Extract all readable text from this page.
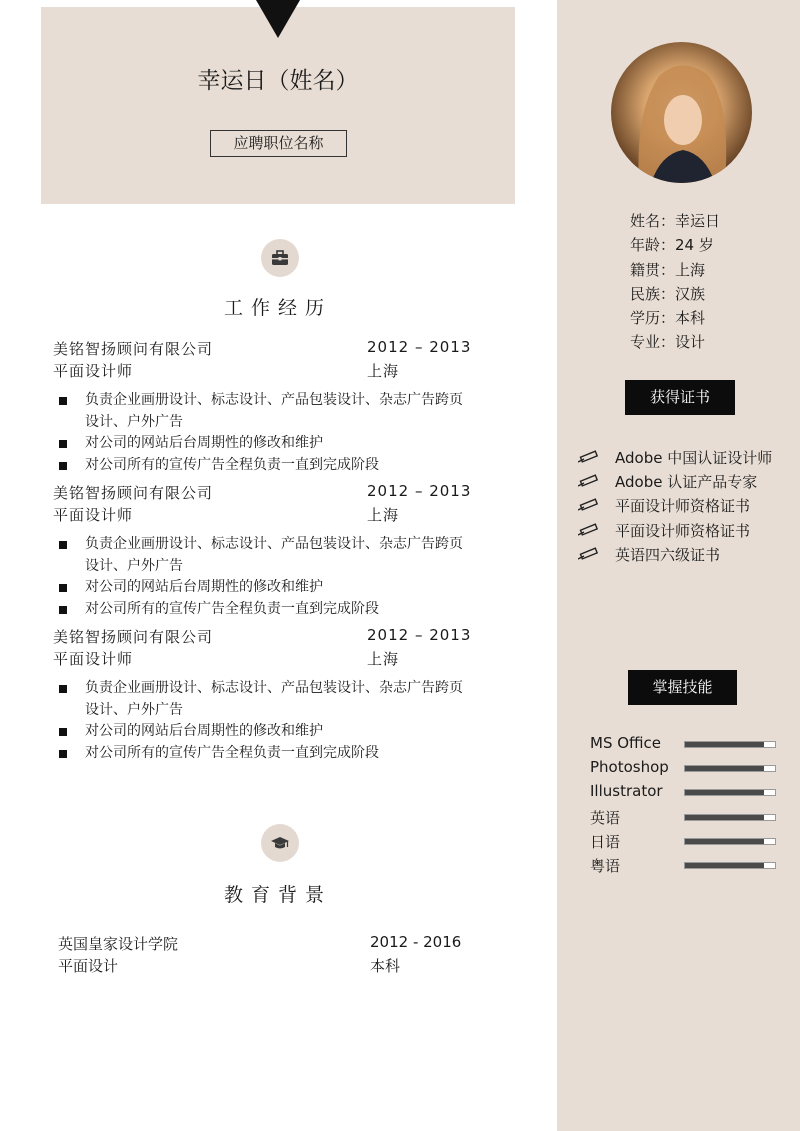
幸运日（姓名）
应聘职位名称
工作经历
美铭智扬顾问有限公司	2012 – 2013
平面设计师	上海
负责企业画册设计、标志设计、产品包装设计、杂志广告跨页设计、户外广告
对公司的网站后台周期性的修改和维护
对公司所有的宣传广告全程负责一直到完成阶段
美铭智扬顾问有限公司	2012 – 2013
平面设计师	上海
负责企业画册设计、标志设计、产品包装设计、杂志广告跨页设计、户外广告
对公司的网站后台周期性的修改和维护
对公司所有的宣传广告全程负责一直到完成阶段
美铭智扬顾问有限公司	2012 – 2013
平面设计师	上海
负责企业画册设计、标志设计、产品包装设计、杂志广告跨页设计、户外广告
对公司的网站后台周期性的修改和维护
对公司所有的宣传广告全程负责一直到完成阶段
教育背景
英国皇家设计学院	2012 - 2016
平面设计	本科
姓名：幸运日
年龄：24 岁
籍贯：上海
民族：汉族
学历：本科
专业：设计
获得证书
Adobe 中国认证设计师
Adobe 认证产品专家
平面设计师资格证书
平面设计师资格证书
英语四六级证书
掌握技能
MS Office
Photoshop
Illustrator
英语
日语
粤语
